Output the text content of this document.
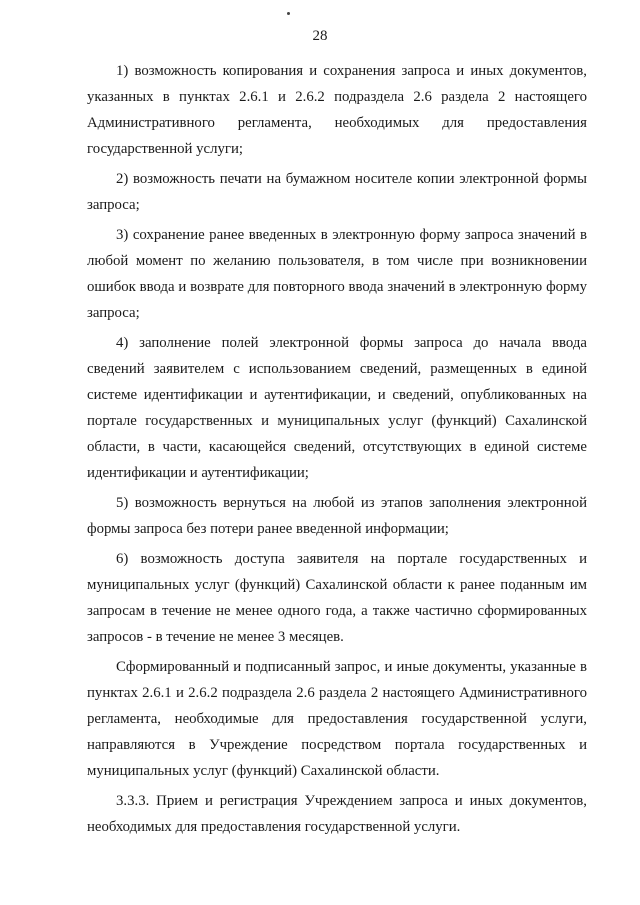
28

1) возможность копирования и сохранения запроса и иных документов, указанных в пунктах 2.6.1 и 2.6.2 подраздела 2.6 раздела 2 настоящего Административного регламента, необходимых для предоставления государственной услуги;

2) возможность печати на бумажном носителе копии электронной формы запроса;

3) сохранение ранее введенных в электронную форму запроса значений в любой момент по желанию пользователя, в том числе при возникновении ошибок ввода и возврате для повторного ввода значений в электронную форму запроса;

4) заполнение полей электронной формы запроса до начала ввода сведений заявителем с использованием сведений, размещенных в единой системе идентификации и аутентификации, и сведений, опубликованных на портале государственных и муниципальных услуг (функций) Сахалинской области, в части, касающейся сведений, отсутствующих в единой системе идентификации и аутентификации;

5) возможность вернуться на любой из этапов заполнения электронной формы запроса без потери ранее введенной информации;

6) возможность доступа заявителя на портале государственных и муниципальных услуг (функций) Сахалинской области к ранее поданным им запросам в течение не менее одного года, а также частично сформированных запросов - в течение не менее 3 месяцев.

Сформированный и подписанный запрос, и иные документы, указанные в пунктах 2.6.1 и 2.6.2 подраздела 2.6 раздела 2 настоящего Административного регламента, необходимые для предоставления государственной услуги, направляются в Учреждение посредством портала государственных и муниципальных услуг (функций) Сахалинской области.

3.3.3. Прием и регистрация Учреждением запроса и иных документов, необходимых для предоставления государственной услуги.
